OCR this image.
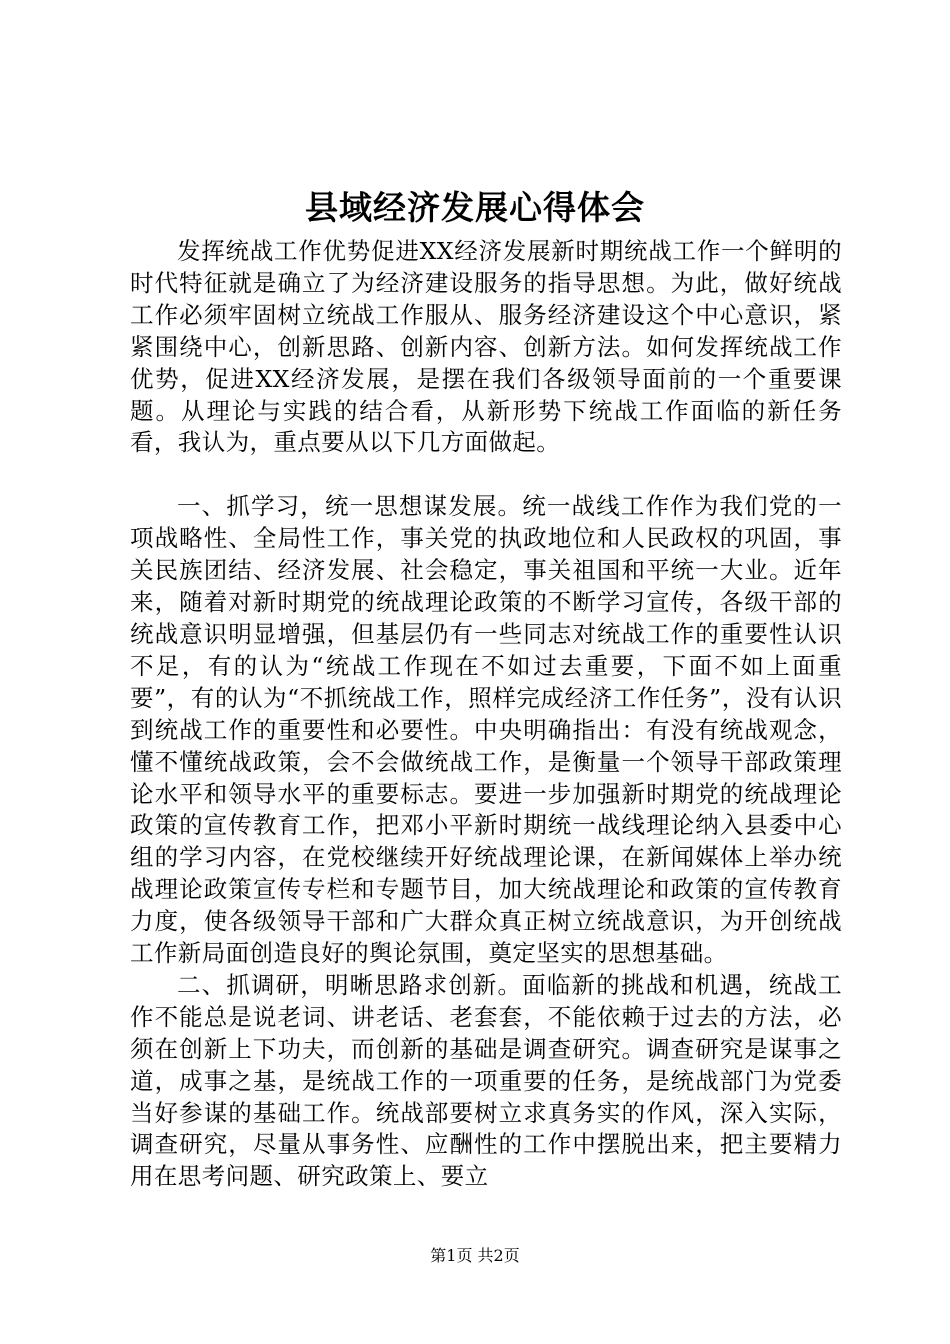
县域经济发展心得体会

发挥统战工作优势促进XX经济发展新时期统战工作一个鲜明的时代特征就是确立了为经济建设服务的指导思想。为此，做好统战工作必须牢固树立统战工作服从、服务经济建设这个中心意识，紧紧围绕中心，创新思路、创新内容、创新方法。如何发挥统战工作优势，促进XX经济发展，是摆在我们各级领导面前的一个重要课题。从理论与实践的结合看，从新形势下统战工作面临的新任务看，我认为，重点要从以下几方面做起。

一、抓学习，统一思想谋发展。统一战线工作作为我们党的一项战略性、全局性工作，事关党的执政地位和人民政权的巩固，事关民族团结、经济发展、社会稳定，事关祖国和平统一大业。近年来，随着对新时期党的统战理论政策的不断学习宣传，各级干部的统战意识明显增强，但基层仍有一些同志对统战工作的重要性认识不足，有的认为“统战工作现在不如过去重要，下面不如上面重要”，有的认为“不抓统战工作，照样完成经济工作任务”，没有认识到统战工作的重要性和必要性。中央明确指出：有没有统战观念，懂不懂统战政策，会不会做统战工作，是衡量一个领导干部政策理论水平和领导水平的重要标志。要进一步加强新时期党的统战理论政策的宣传教育工作，把邓小平新时期统一战线理论纳入县委中心组的学习内容，在党校继续开好统战理论课，在新闻媒体上举办统战理论政策宣传专栏和专题节目，加大统战理论和政策的宣传教育力度，使各级领导干部和广大群众真正树立统战意识，为开创统战工作新局面创造良好的舆论氛围，奠定坚实的思想基础。

二、抓调研，明晰思路求创新。面临新的挑战和机遇，统战工作不能总是说老词、讲老话、老套套，不能依赖于过去的方法，必须在创新上下功夫，而创新的基础是调查研究。调查研究是谋事之道，成事之基，是统战工作的一项重要的任务，是统战部门为党委当好参谋的基础工作。统战部要树立求真务实的作风，深入实际，调查研究，尽量从事务性、应酬性的工作中摆脱出来，把主要精力用在思考问题、研究政策上、要立

第1页 共2页
